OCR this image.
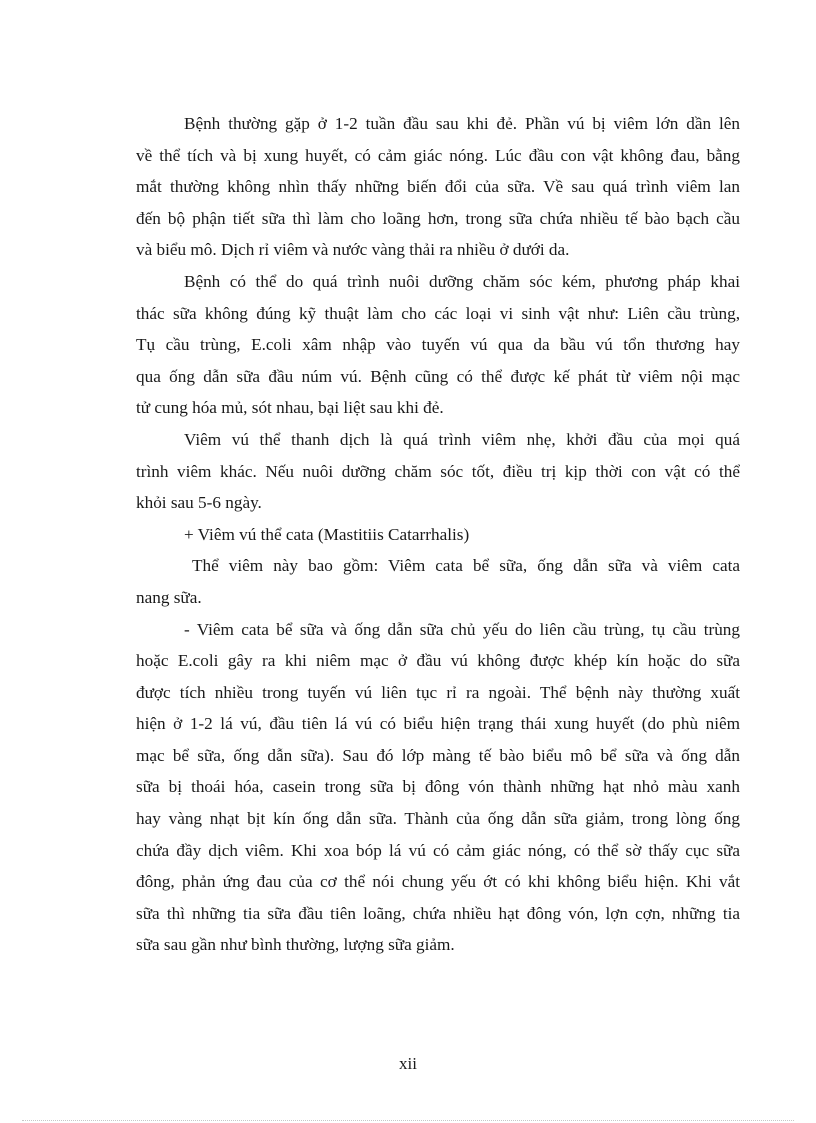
Bệnh thường gặp ở 1-2 tuần đầu sau khi đẻ. Phần vú bị viêm lớn dần lên
về thể tích và bị xung huyết, có cảm giác nóng. Lúc đầu con vật không đau, bằng
mắt thường không nhìn thấy những biến đổi của sữa. Về sau quá trình viêm lan
đến bộ phận tiết sữa thì làm cho loãng hơn, trong sữa chứa nhiều tế bào bạch cầu
và biểu mô. Dịch rỉ viêm và nước vàng thải ra nhiều ở dưới da.
Bệnh có thể do quá trình nuôi dưỡng chăm sóc kém, phương pháp khai
thác sữa không đúng kỹ thuật làm cho các loại vi sinh vật như: Liên cầu trùng,
Tụ cầu trùng, E.coli xâm nhập vào tuyến vú qua da bầu vú tổn thương hay
qua ống dẫn sữa đầu núm vú. Bệnh cũng có thể được kế phát từ viêm nội mạc
tử cung hóa mủ, sót nhau, bại liệt sau khi đẻ.
Viêm vú thể thanh dịch là quá trình viêm nhẹ, khởi đầu của mọi quá
trình viêm khác. Nếu nuôi dưỡng chăm sóc tốt, điều trị kịp thời con vật có thể
khỏi sau 5-6 ngày.
+ Viêm vú thể cata (Mastitiis Catarrhalis)
Thể viêm này bao gồm: Viêm cata bể sữa, ống dẫn sữa và viêm cata
nang sữa.
- Viêm cata bể sữa và ống dẫn sữa chủ yếu do liên cầu trùng, tụ cầu trùng
hoặc E.coli gây ra khi niêm mạc ở đầu vú không được khép kín hoặc do sữa
được tích nhiều trong tuyến vú liên tục rỉ ra ngoài. Thể bệnh này thường xuất
hiện ở 1-2 lá vú, đầu tiên lá vú có biểu hiện trạng thái xung huyết (do phù niêm
mạc bể sữa, ống dẫn sữa). Sau đó lớp màng tế bào biểu mô bể sữa và ống dẫn
sữa bị thoái hóa, casein trong sữa bị đông vón thành những hạt nhỏ màu xanh
hay vàng nhạt bịt kín ống dẫn sữa. Thành của ống dẫn sữa giảm, trong lòng ống
chứa đầy dịch viêm. Khi xoa bóp lá vú có cảm giác nóng, có thể sờ thấy cục sữa
đông, phản ứng đau của cơ thể nói chung yếu ớt có khi không biểu hiện. Khi vắt
sữa thì những tia sữa đầu tiên loãng, chứa nhiều hạt đông vón, lợn cợn, những tia
sữa sau gần như bình thường, lượng sữa giảm.
xii
